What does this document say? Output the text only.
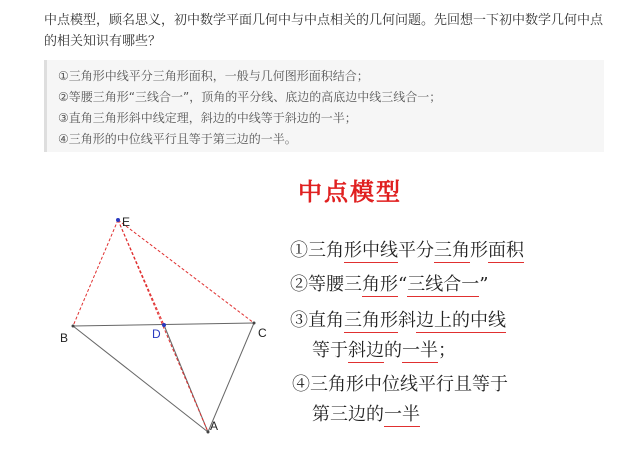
中点模型，顾名思义，初中数学平面几何中与中点相关的几何问题。先回想一下初中数学几何中点的相关知识有哪些？
①三角形中线平分三角形面积，一般与几何图形面积结合；
②等腰三角形“三线合一”，顶角的平分线、底边的高底边中线三线合一；
③直角三角形斜中线定理，斜边的中线等于斜边的一半；
④三角形的中位线平行且等于第三边的一半。
E
B	D	C
A
中点模型
①三角形中线平分三角形面积
②等腰三角形“三线合一”
③直角三角形斜边上的中线
等于斜边的一半；
④三角形中位线平行且等于
第三边的一半
